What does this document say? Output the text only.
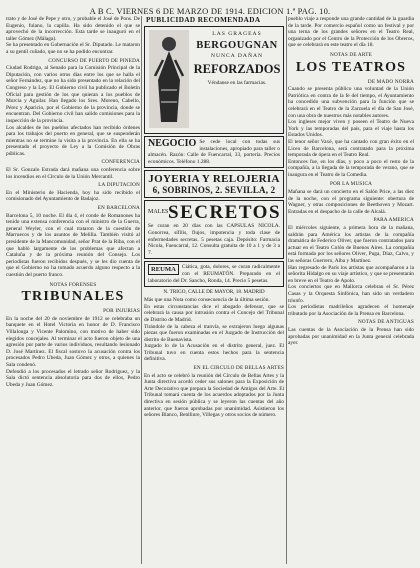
A B C. VIERNES 6 DE MARZO DE 1914. EDICION 1.ª PAG. 10.

trato y de José de Pepe y otro, y probable el José de Pons. De Eugenio, fulano, la capilla. Ha sido detenido el que se aprovechó de la incorrección. Esta tarde se inauguró en el taller Gómez (Málaga).

Se ha presentado en Gobernación el Sr. Diputado. Le mataron a su gentil cuñado, que no se ha podido encontrar.

CONCURSO DE PUERTO DE PINEDA

Ciudad Rodrigo, al Senado para la Comisión Principal de la Diputación, con varios otros días entre los que se halla el señor Fernández, que no ha sido presentado en la relación del Congreso y la Ley. El Gobierno civil ha publicado el Boletín Oficial para gestión de los que quieran a los pueblos de Murcia y Aguilar. Han llegado los Sres. Moreno, Cabello, Pérez y Aparicio, por el Gobierno de la provincia, donde se encuentran. Del Gobierno civil han salido comisiones para la inspección de la provincia.

Los alcaldes de los pueblos afectados han recibido órdenes para los trabajos del puerto en general, que se suspenderán mientras no se termine la visita a la provincia. En ella se ha presentado el proyecto de Ley a la Comisión de Obras públicas.

CONFERENCIA

El Sr. Gonzalo Estrada dará mañana una conferencia sobre los incendios en el Círculo de la Unión Mercantil.

LA DIPUTACION

En el Ministerio de Hacienda, hoy ha sido recibido el comisionado del Ayuntamiento de Badajoz.

EN BARCELONA

Barcelona 5, 10 noche. El día 4, el conde de Romanones ha tenido una extensa conferencia con el ministro de la Guerra, general Weyler, con el cual trataron de la cuestión de Marruecos y de los asuntos de Melilla. También visitó al presidente de la Mancomunidad, señor Prat de la Riba, con el que habló largamente de los problemas que afectan a Cataluña y de la próxima reunión del Consejo. Los periodistas fueron recibidos después, y se les dio cuenta de que el Gobierno no ha tomado acuerdo alguno respecto a la cuestión del puerto franco.

NOTAS FORENSES
TRIBUNALES
POR INJURIAS

En la noche del 20 de noviembre de 1912 se celebraba un banquete en el Hotel Victoria en honor de D. Francisco Villalonga y Vicente Palomino, con motivo de haber sido elegidos concejales. Al terminar el acto fueron objeto de una agresión por parte de varios individuos, resultando lesionado D. José Martínez. El fiscal sostuvo la acusación contra los procesados Pedro Ubeda, Juan Gómez y otros, a quienes la Sala condenó.

Defendió a los procesados el letrado señor Rodríguez, y la Sala dictó sentencia absolutoria para dos de ellos, Pedro Ubeda y Juan Gómez.

PUBLICIDAD RECOMENDADA
LAS GRAGEAS
BERGOUGNAN
NUNCA DAÑAN
REFORZADOS
Véndanse en las farmacias.
NEGOCIO Se cede local con todas sus instalaciones, apropiado para taller o almacén. Razón: Calle de Fuencarral, 33, portería. Precios económicos. Teléfono 1.288.
JOYERIA Y RELOJERIA
6, SOBRINOS, 2. SEVILLA, 2
MALES SECRETOS

Se curan en 20 días con las CAPSULAS NICOLA. Gonorrea, sífilis, flujos, impotencia y toda clase de enfermedades secretas. 5 pesetas caja. Depósito: Farmacia Nicola, Fuencarral, 12. Consulta gratuita de 10 a 1 y de 3 a 7.

REUMA	Ciática, gota, dolores, se curan radicalmente con el REUMATÓN. Preparado en el laboratorio del Dr. Sancho, Ronda, 14. Precio 5 pesetas.
N. TRIGO, CALLE DE MAYOR, 18. MADRID

Más que una Nota como consecuencia de la última sesión.

En estas circunstancias dice el abogado defensor, que se celebrará la causa por intrusión contra el Concejo del Tribunal de Distrito de Madrid.

Tirándole de la cabeza el tranvía, se extrajeron luego algunas piezas que fueron examinadas en el Juzgado de Instrucción del distrito de Buenavista.

Juzgado lo de la Acusación en el distrito general, juez. El Tribunal tuvo en cuenta estos hechos para la sentencia definitiva.

EN EL CIRCULO DE BELLAS ARTES

En el acto se celebró la reunión del Círculo de Bellas Artes y la Junta directiva acordó ceder sus salones para la Exposición de Arte Decorativo que prepara la Sociedad de Amigos del Arte. El Tribunal tomará cuenta de los acuerdos adoptados por la Junta directiva en sesión pública y se leyeron las cuentas del año anterior, que fueron aprobadas por unanimidad. Asistieron los señores Blanco, Benlliure, Villegas y otros socios de número.

pueblo viaje a responde una grande cantidad de la guardia de la tarde. Por comercio español como un festival y por una terna de los grandes señores en el Teatro Real, organizado por el Centro de la Protección de los Obreros, que se celebrará en este teatro el día 18.

NOTAS DE ARTE
LOS TEATROS
DE MADO NORRA

Cuando se presenta público una voluntad de la Unión Patriótica en contra de la fe del tiempo, el Ayuntamiento ha concedido una subvención para la función que se celebrará en el Teatro de la Zarzuela el día de San José, con una obra de nuestros más notables autores.

Los ingleses mejor viven y poseen el Teatro de Nueva York y las temporadas del país, para el viaje hasta los Estados Unidos.

El tenor señor Vaxé, que ha cantado con gran éxito en el Liceo de Barcelona, será contratado para la próxima temporada de ópera en el Teatro Real.

Entonces fue, en los días, y poco a poco el resto de la compañía, a la llegada de la temporada de verano, que se inaugura en el Teatro de la Comedia.

POR LA MUSICA

Mañana se dará un concierto en el Salón Price, a las diez de la noche, con el programa siguiente: obertura de Wagner, y otras composiciones de Beethoven y Mozart. Entradas en el despacho de la calle de Alcalá.

PARA AMERICA

El miércoles siguiente, a primera hora de la mañana, saldrán para América los artistas de la compañía dramática de Federico Oliver, que fueron contratados para actuar en el Teatro Colón de Buenos Aires. La compañía está formada por los señores Oliver, Puga, Díaz, Calvo, y las señoras Guerrero, Alba y Martínez.

Han regresado de París los artistas que acompañaron a la señorita Hidalgo en su viaje artístico, y que se presentarán en breve en el Teatro de Apolo.

Los conciertos que en Mallorca celebran el Sr. Pérez Casas y la Orquesta Sinfónica, han sido un verdadero triunfo.

Los periodistas madrileños agradecen el homenaje tributado por la Asociación de la Prensa en Barcelona.

NOTAS DE ANTIGUAS

Las cuentas de la Asociación de la Prensa han sido aprobadas por unanimidad en la Junta general celebrada ayer.
